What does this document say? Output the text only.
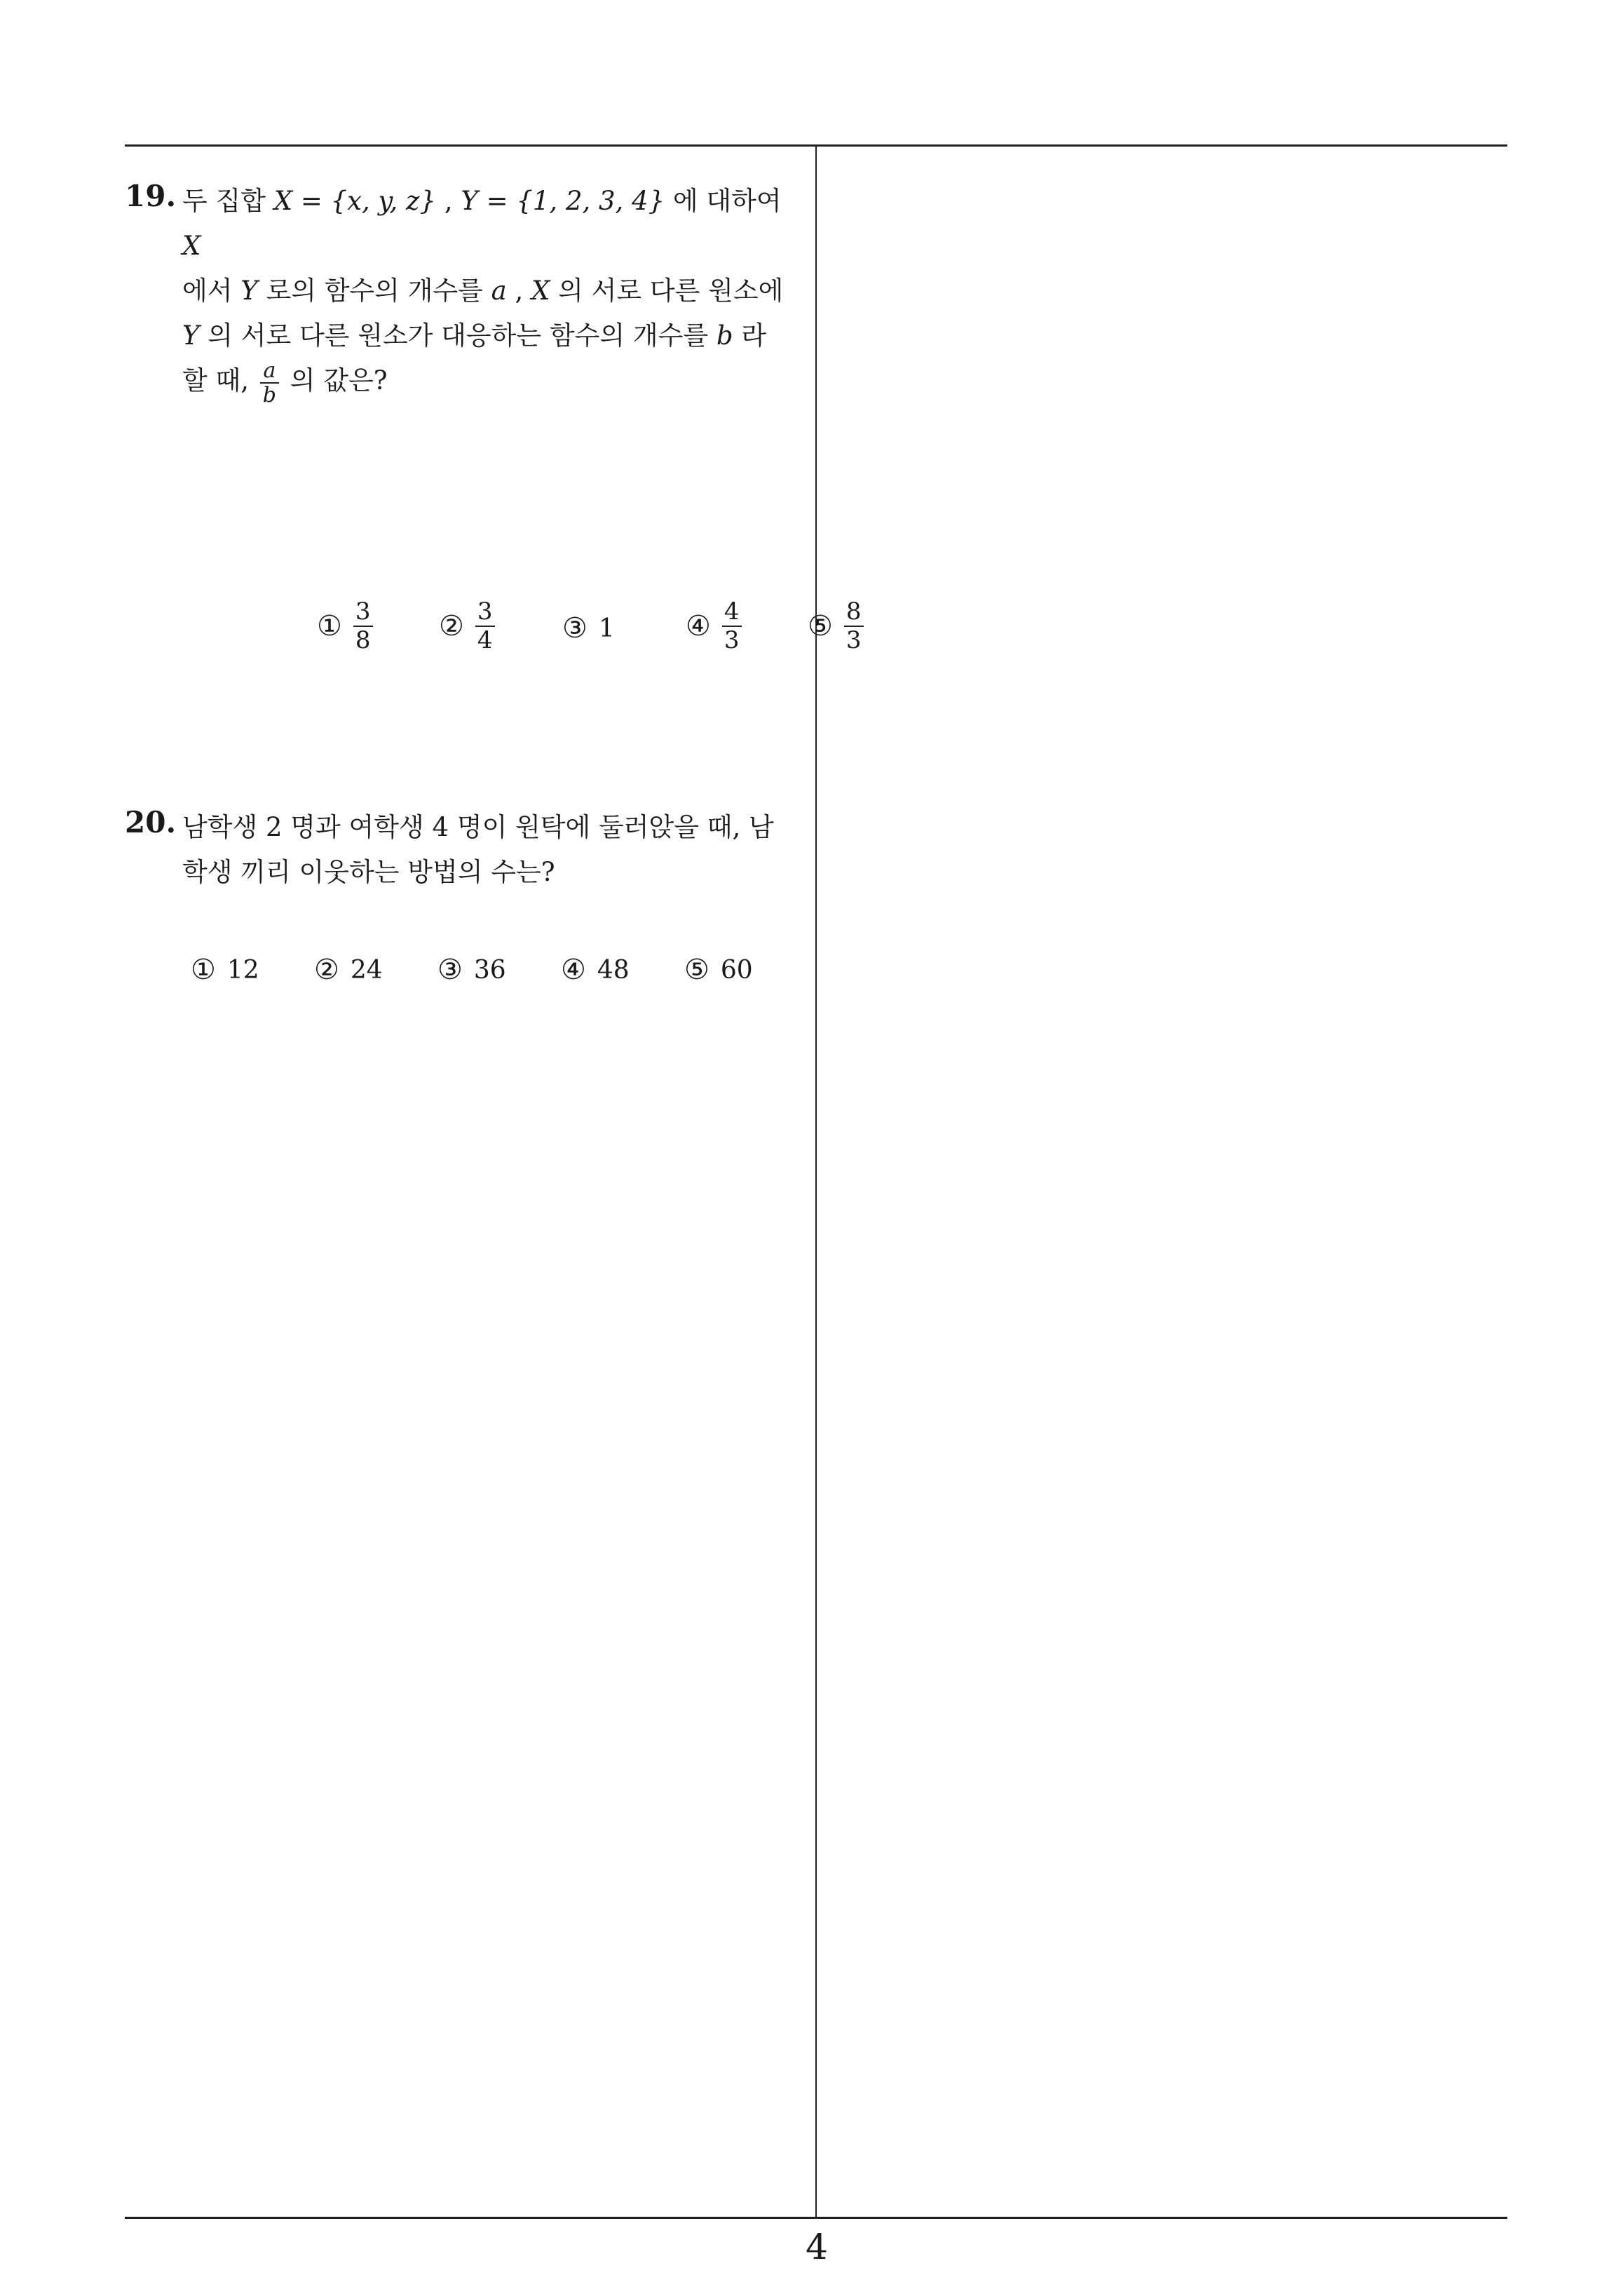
19. 두 집합 X = {x, y, z} , Y = {1, 2, 3, 4} 에 대하여 X
에서 Y 로의 함수의 개수를 a , X 의 서로 다른 원소에
Y 의 서로 다른 원소가 대응하는 함수의 개수를 b 라
할 때, $\frac{a}{b}$ 의 값은?
① $\frac{3}{8}$ ② $\frac{3}{4}$ ③ 1	④ $\frac{4}{3}$ ⑤ $\frac{8}{3}$
20. 남학생 2 명과 여학생 4 명이 원탁에 둘러앉을 때, 남
학생 끼리 이웃하는 방법의 수는?
① 12 ② 24 ③ 36 ④ 48 ⑤ 60
4
